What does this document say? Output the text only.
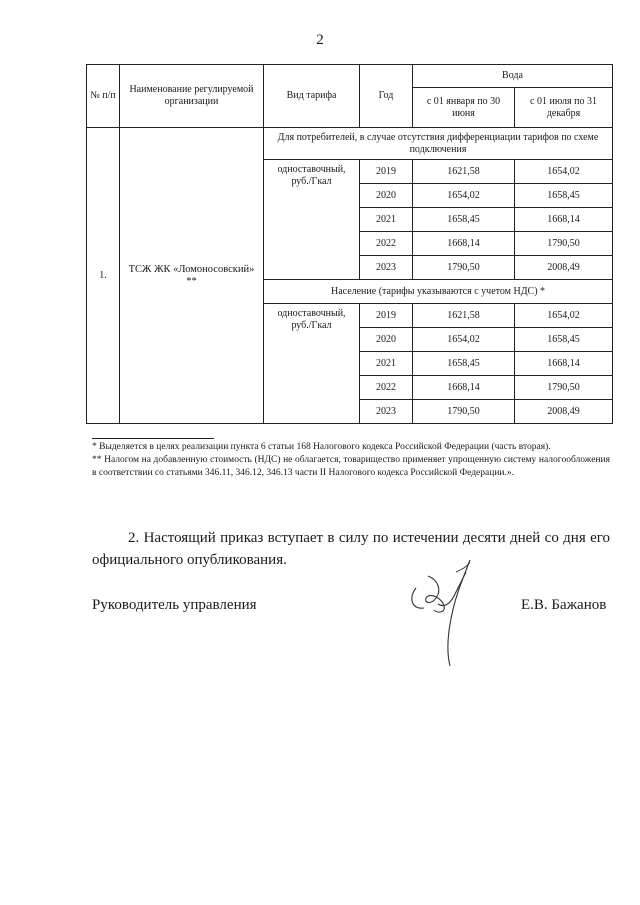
2
№ п/п	Наименование регулируемой организации	Вид тарифа	Год	Вода	
				с 01 января по 30 июня	с 01 июля по 31 декабря
1.	ТСЖ ЖК «Ломоносовский» **	Для потребителей, в случае отсутствия дифференциации тарифов по схеме подключения			
		одноставочный, руб./Гкал	2019	1621,58	1654,02
			2020	1654,02	1658,45
			2021	1658,45	1668,14
			2022	1668,14	1790,50
			2023	1790,50	2008,49
		Население (тарифы указываются с учетом НДС) *			
		одноставочный, руб./Гкал	2019	1621,58	1654,02
			2020	1654,02	1658,45
			2021	1658,45	1668,14
			2022	1668,14	1790,50
			2023	1790,50	2008,49

* Выделяется в целях реализации пункта 6 статьи 168 Налогового кодекса Российской Федерации (часть вторая).

** Налогом на добавленную стоимость (НДС) не облагается, товарищество применяет упрощенную систему налогообложения в соответствии со статьями 346.11, 346.12, 346.13 части II Налогового кодекса Российской Федерации.».

2. Настоящий приказ вступает в силу по истечении десяти дней со дня его официального опубликования.
Руководитель управления	Е.В. Бажанов
